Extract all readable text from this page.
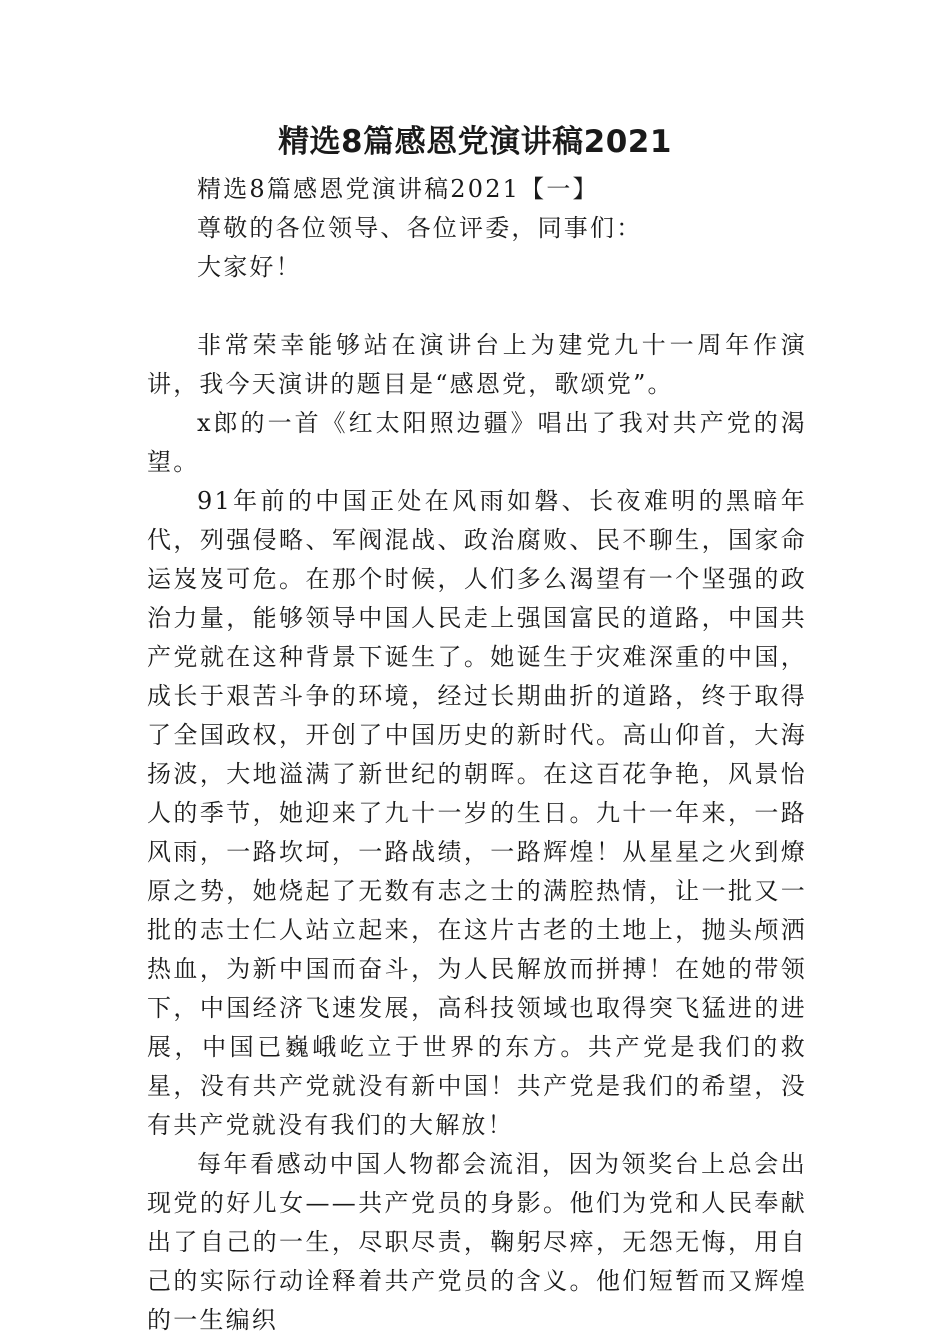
精选8篇感恩党演讲稿2021

精选8篇感恩党演讲稿2021【一】

尊敬的各位领导、各位评委，同事们：

大家好！

非常荣幸能够站在演讲台上为建党九十一周年作演讲，我今天演讲的题目是“感恩党，歌颂党”。

x郎的一首《红太阳照边疆》唱出了我对共产党的渴望。

91年前的中国正处在风雨如磐、长夜难明的黑暗年代，列强侵略、军阀混战、政治腐败、民不聊生，国家命运岌岌可危。在那个时候，人们多么渴望有一个坚强的政治力量，能够领导中国人民走上强国富民的道路，中国共产党就在这种背景下诞生了。她诞生于灾难深重的中国，成长于艰苦斗争的环境，经过长期曲折的道路，终于取得了全国政权，开创了中国历史的新时代。高山仰首，大海扬波，大地溢满了新世纪的朝晖。在这百花争艳，风景怡人的季节，她迎来了九十一岁的生日。九十一年来，一路风雨，一路坎坷，一路战绩，一路辉煌！从星星之火到燎原之势，她烧起了无数有志之士的满腔热情，让一批又一批的志士仁人站立起来，在这片古老的土地上，抛头颅洒热血，为新中国而奋斗，为人民解放而拼搏！在她的带领下，中国经济飞速发展，高科技领域也取得突飞猛进的进展，中国已巍峨屹立于世界的东方。共产党是我们的救星，没有共产党就没有新中国！共产党是我们的希望，没有共产党就没有我们的大解放！

每年看感动中国人物都会流泪，因为领奖台上总会出现党的好儿女——共产党员的身影。他们为党和人民奉献出了自己的一生，尽职尽责，鞠躬尽瘁，无怨无悔，用自己的实际行动诠释着共产党员的含义。他们短暂而又辉煌的一生编织
